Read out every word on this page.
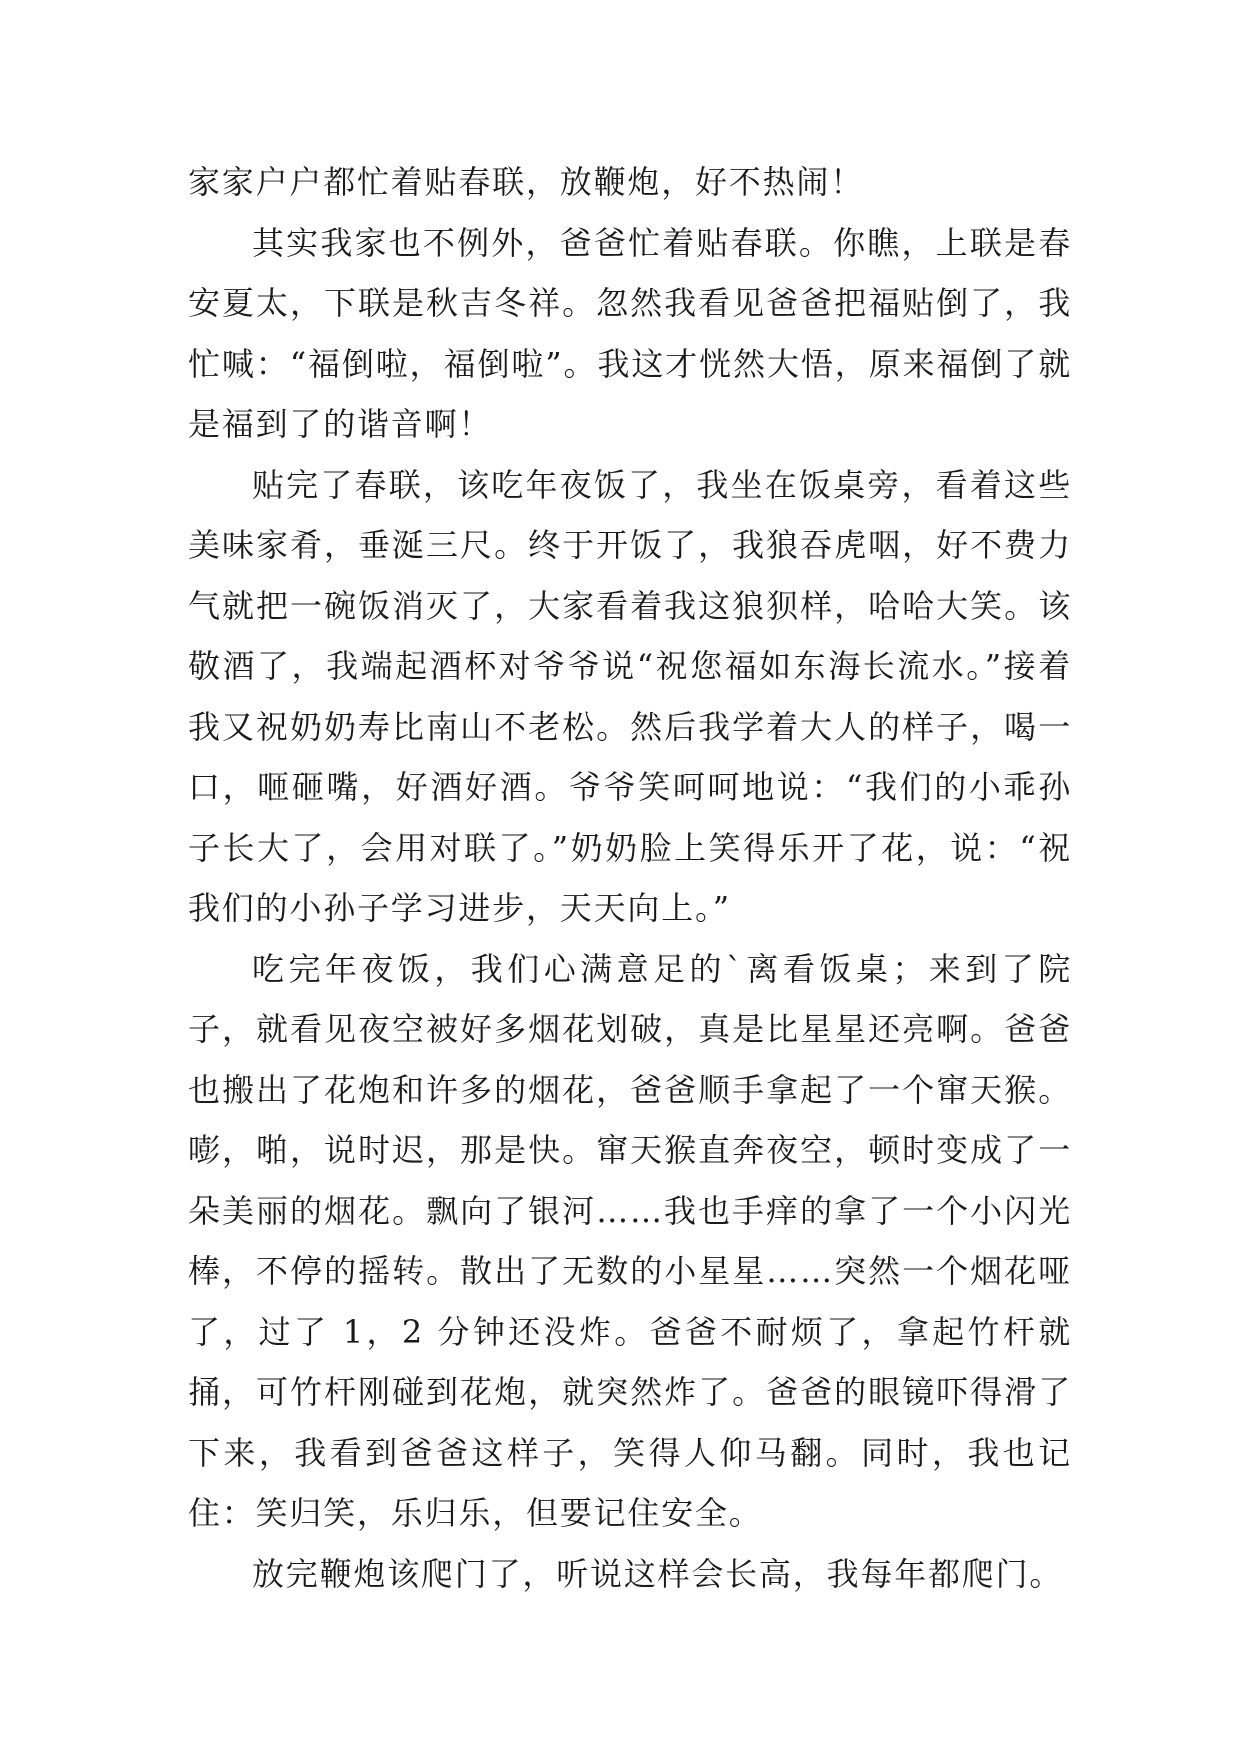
家家户户都忙着贴春联，放鞭炮，好不热闹！

其实我家也不例外，爸爸忙着贴春联。你瞧，上联是春安夏太，下联是秋吉冬祥。忽然我看见爸爸把福贴倒了，我忙喊：“福倒啦，福倒啦”。我这才恍然大悟，原来福倒了就是福到了的谐音啊！

贴完了春联，该吃年夜饭了，我坐在饭桌旁，看着这些美味家肴，垂涎三尺。终于开饭了，我狼吞虎咽，好不费力气就把一碗饭消灭了，大家看着我这狼狈样，哈哈大笑。该敬酒了，我端起酒杯对爷爷说“祝您福如东海长流水。”接着我又祝奶奶寿比南山不老松。然后我学着大人的样子，喝一口，咂砸嘴，好酒好酒。爷爷笑呵呵地说：“我们的小乖孙子长大了，会用对联了。”奶奶脸上笑得乐开了花，说：“祝我们的小孙子学习进步，天天向上。”

吃完年夜饭，我们心满意足的`离看饭桌；来到了院子，就看见夜空被好多烟花划破，真是比星星还亮啊。爸爸也搬出了花炮和许多的烟花，爸爸顺手拿起了一个窜天猴。嘭，啪，说时迟，那是快。窜天猴直奔夜空，顿时变成了一朵美丽的烟花。飘向了银河……我也手痒的拿了一个小闪光棒，不停的摇转。散出了无数的小星星……突然一个烟花哑了，过了 1，2 分钟还没炸。爸爸不耐烦了，拿起竹杆就捅，可竹杆刚碰到花炮，就突然炸了。爸爸的眼镜吓得滑了下来，我看到爸爸这样子，笑得人仰马翻。同时，我也记住：笑归笑，乐归乐，但要记住安全。

放完鞭炮该爬门了，听说这样会长高，我每年都爬门。
